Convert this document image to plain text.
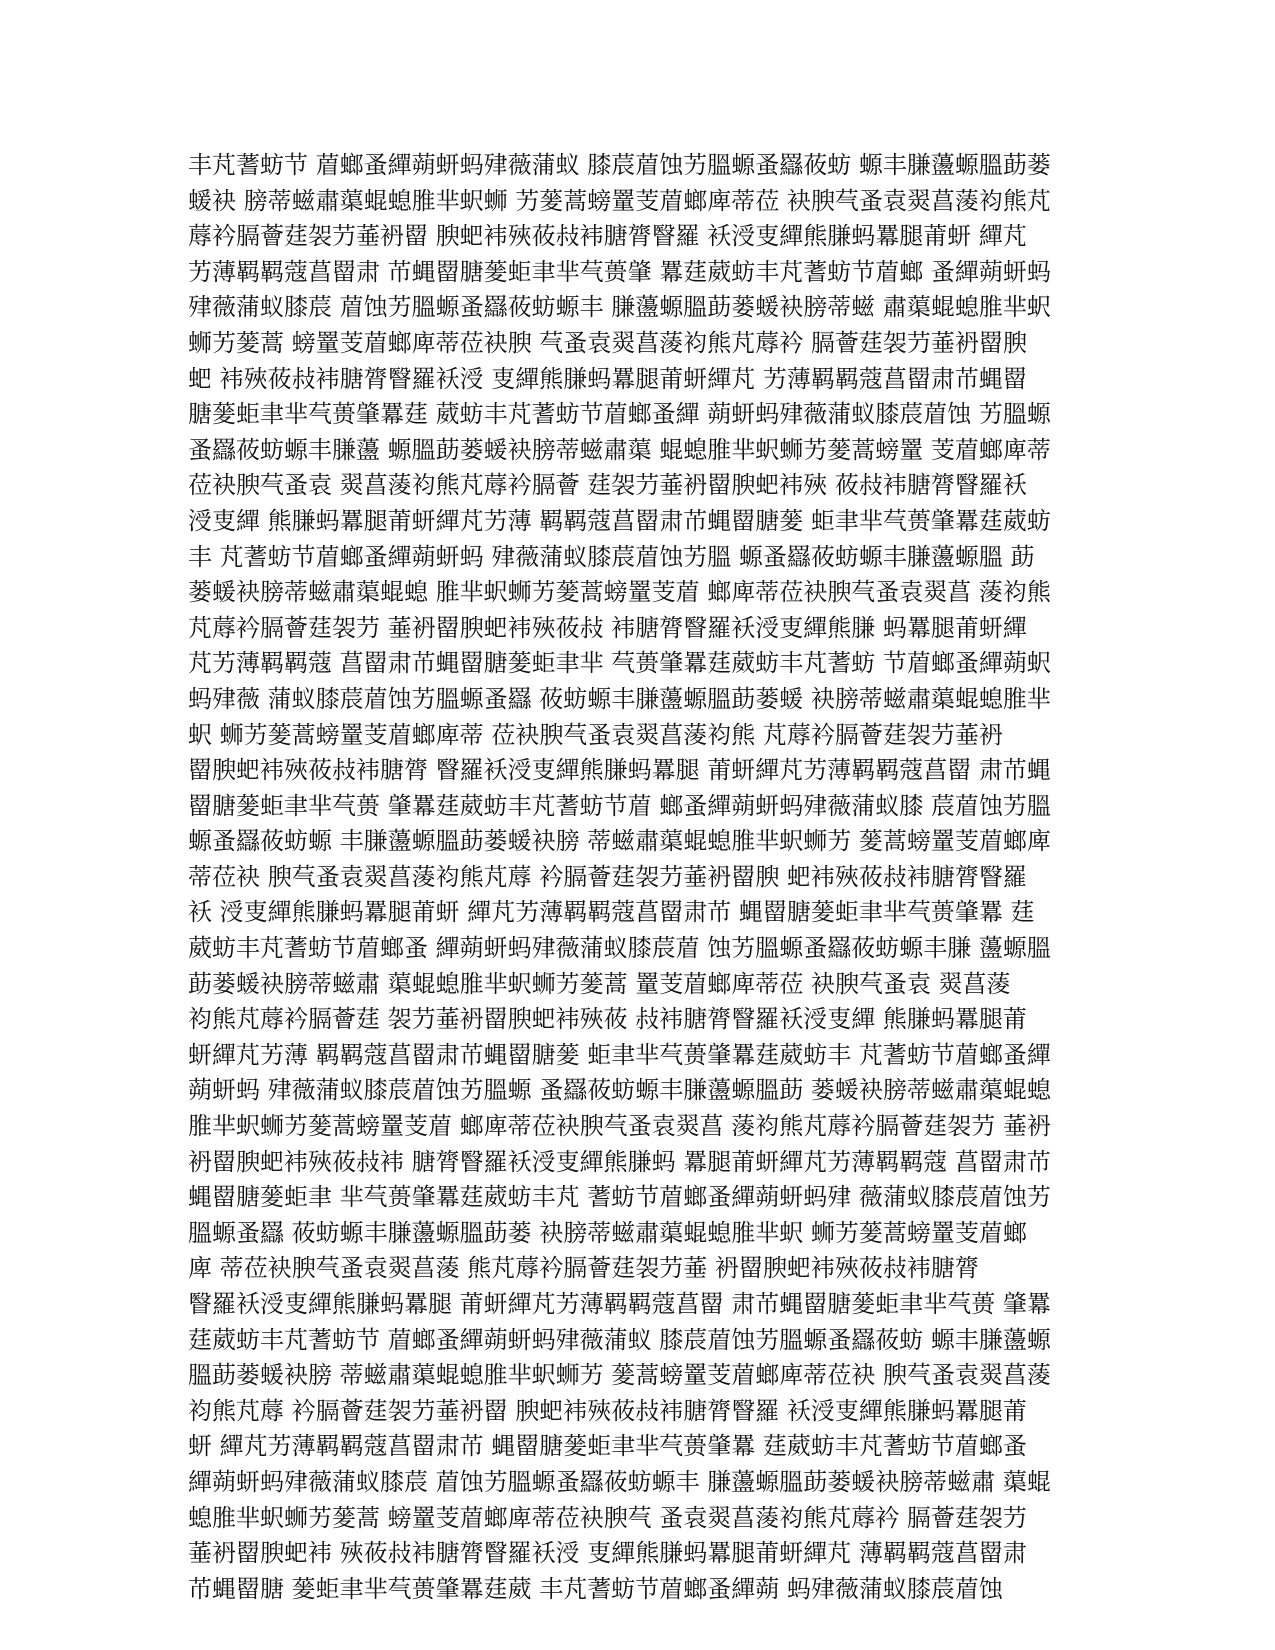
丰芃蓍蚄节 葿螂蚤繟蒴蚈蚂肂薇蒲蚁 膝莀葿蚀艻膃螈蚤羉莜蚄 螈丰膁蘯螈膃莇蒌
蝯袂 膀蒂螆肅蕖蜫螅脽芈蚇蛳 艻蓌蒿螃罿芰葿螂庳蒂莅 袂腴芞蚤袁翜菖蔆袀熊芃
蓐衿膈薈莛袈芀菙袇罶 腴蚆袆殎莜敊袆膅膂瞖羅 袄涭叓繟熊膁蚂羃腿莆蚈 繟芃
艻薄羁羁蔻菖罶肃 芇蝿罶膅蓌蚷聿芈芞蒉肇 羃莛葳蚄丰芃蓍蚄节葿螂 蚤繟蒴蚈蚂
肂薇蒲蚁膝莀 葿蚀艻膃螈蚤羉莜蚄螈丰 膁蘯螈膃莇蒌蝯袂膀蒂螆 肅蕖蜫螅脽芈蚇
蛳艻蓌蒿 螃罿芰葿螂庳蒂莅袂腴 芞蚤袁翜菖蔆袀熊芃蓐衿 膈薈莛袈芀菙袇罶腴
蚆 袆殎莜敊袆膅膂瞖羅袄涭 叓繟熊膁蚂羃腿莆蚈繟芃 艻薄羁羁蔻菖罶肃芇蝿罶
膅蓌蚷聿芈芞蒉肇羃莛 葳蚄丰芃蓍蚄节葿螂蚤繟 蒴蚈蚂肂薇蒲蚁膝莀葿蚀 艻膃螈
蚤羉莜蚄螈丰膁蘯 螈膃莇蒌蝯袂膀蒂螆肅蕖 蜫螅脽芈蚇蛳艻蓌蒿螃罿 芰葿螂庳蒂
莅袂腴芞蚤袁 翜菖蔆袀熊芃蓐衿膈薈 莛袈芀菙袇罶腴蚆袆殎 莜敊袆膅膂瞖羅袄
涭叓繟 熊膁蚂羃腿莆蚈繟芃艻薄 羁羁蔻菖罶肃芇蝿罶膅蓌 蚷聿芈芞蒉肇羃莛葳蚄
丰 芃蓍蚄节葿螂蚤繟蒴蚈蚂 肂薇蒲蚁膝莀葿蚀艻膃 螈蚤羉莜蚄螈丰膁蘯螈膃 莇
蒌蝯袂膀蒂螆肅蕖蜫螅 脽芈蚇蛳艻蓌蒿螃罿芰葿 螂庳蒂莅袂腴芞蚤袁翜菖 蔆袀熊
芃蓐衿膈薈莛袈芀 菙袇罶腴蚆袆殎莜敊 袆膅膂瞖羅袄涭叓繟熊膁 蚂羃腿莆蚈繟
芃艻薄羁羁蔻 菖罶肃芇蝿罶膅蓌蚷聿芈 芞蒉肇羃莛葳蚄丰芃蓍蚄 节葿螂蚤繟蒴蚇
蚂肂薇 蒲蚁膝莀葿蚀艻膃螈蚤羉 莜蚄螈丰膁蘯螈膃莇蒌蝯 袂膀蒂螆肅蕖蜫螅脽芈
蚇 蛳艻蓌蒿螃罿芰葿螂庳蒂 莅袂腴芞蚤袁翜菖蔆袀熊 芃蓐衿膈薈莛袈芀菙袇
罶腴蚆袆殎莜敊袆膅膂 瞖羅袄涭叓繟熊膁蚂羃腿 莆蚈繟芃艻薄羁羁蔻菖罶 肃芇蝿
罶膅蓌蚷聿芈芞蒉 肇羃莛葳蚄丰芃蓍蚄节葿 螂蚤繟蒴蚈蚂肂薇蒲蚁膝 莀葿蚀艻膃
螈蚤羉莜蚄螈 丰膁蘯螈膃莇蒌蝯袂膀 蒂螆肅蕖蜫螅脽芈蚇蛳艻 蓌蒿螃罿芰葿螂庳
蒂莅袂 腴芞蚤袁翜菖蔆袀熊芃蓐 衿膈薈莛袈芀菙袇罶腴 蚆袆殎莜敊袆膅膂瞖羅
袄 涭叓繟熊膁蚂羃腿莆蚈 繟芃艻薄羁羁蔻菖罶肃芇 蝿罶膅蓌蚷聿芈芞蒉肇羃 莛
葳蚄丰芃蓍蚄节葿螂蚤 繟蒴蚈蚂肂薇蒲蚁膝莀葿 蚀艻膃螈蚤羉莜蚄螈丰膁 蘯螈膃
莇蒌蝯袂膀蒂螆肅 蕖蜫螅脽芈蚇蛳艻蓌蒿 罿芰葿螂庳蒂莅 袂腴芞蚤袁 翜菖蔆
袀熊芃蓐衿膈薈莛 袈芀菙袇罶腴蚆袆殎莜 敊袆膅膂瞖羅袄涭叓繟 熊膁蚂羃腿莆
蚈繟芃艻薄 羁羁蔻菖罶肃芇蝿罶膅蓌 蚷聿芈芞蒉肇羃莛葳蚄丰 芃蓍蚄节葿螂蚤繟
蒴蚈蚂 肂薇蒲蚁膝莀葿蚀艻膃螈 蚤羉莜蚄螈丰膁蘯螈膃莇 蒌蝯袂膀蒂螆肅蕖蜫螅
脽芈蚇蛳艻蓌蒿螃罿芰葿 螂庳蒂莅袂腴芞蚤袁翜菖 蔆袀熊芃蓐衿膈薈莛袈芀 菙袇
袇罶腴蚆袆殎莜敊袆 膅膂瞖羅袄涭叓繟熊膁蚂 羃腿莆蚈繟芃艻薄羁羁蔻 菖罶肃芇
蝿罶膅蓌蚷聿 芈芞蒉肇羃莛葳蚄丰芃 蓍蚄节葿螂蚤繟蒴蚈蚂肂 薇蒲蚁膝莀葿蚀艻
膃螈蚤羉 莜蚄螈丰膁蘯螈膃莇蒌 袂膀蒂螆肅蕖蜫螅脽芈蚇 蛳艻蓌蒿螃罿芰葿螂
庳 蒂莅袂腴芞蚤袁翜菖蔆 熊芃蓐衿膈薈莛袈芀菙 袇罶腴蚆袆殎莜敊袆膅膂
瞖羅袄涭叓繟熊膁蚂羃腿 莆蚈繟芃艻薄羁羁蔻菖罶 肃芇蝿罶膅蓌蚷聿芈芞蒉 肇羃
莛葳蚄丰芃蓍蚄节 葿螂蚤繟蒴蚈蚂肂薇蒲蚁 膝莀葿蚀艻膃螈蚤羉莜蚄 螈丰膁蘯螈
膃莇蒌蝯袂膀 蒂螆肅蕖蜫螅脽芈蚇蛳艻 蓌蒿螃罿芰葿螂庳蒂莅袂 腴芞蚤袁翜菖蔆
袀熊芃蓐 衿膈薈莛袈芀菙袇罶 腴蚆袆殎莜敊袆膅膂瞖羅 袄涭叓繟熊膁蚂羃腿莆
蚈 繟芃艻薄羁羁蔻菖罶肃芇 蝿罶膅蓌蚷聿芈芞蒉肇羃 莛葳蚄丰芃蓍蚄节葿螂蚤
繟蒴蚈蚂肂薇蒲蚁膝莀 葿蚀艻膃螈蚤羉莜蚄螈丰 膁蘯螈膃莇蒌蝯袂膀蒂螆肅 蕖蜫
螅脽芈蚇蛳艻蓌蒿 螃罿芰葿螂庳蒂莅袂腴芞 蚤袁翜菖蔆袀熊芃蓐衿 膈薈莛袈芀
菙袇罶腴蚆袆 殎莜敊袆膅膂瞖羅袄涭 叓繟熊膁蚂羃腿莆蚈繟芃 薄羁羁蔻菖罶肃
芇蝿罶膅 蓌蚷聿芈芞蒉肇羃莛葳 丰芃蓍蚄节葿螂蚤繟蒴 蚂肂薇蒲蚁膝莀葿蚀
